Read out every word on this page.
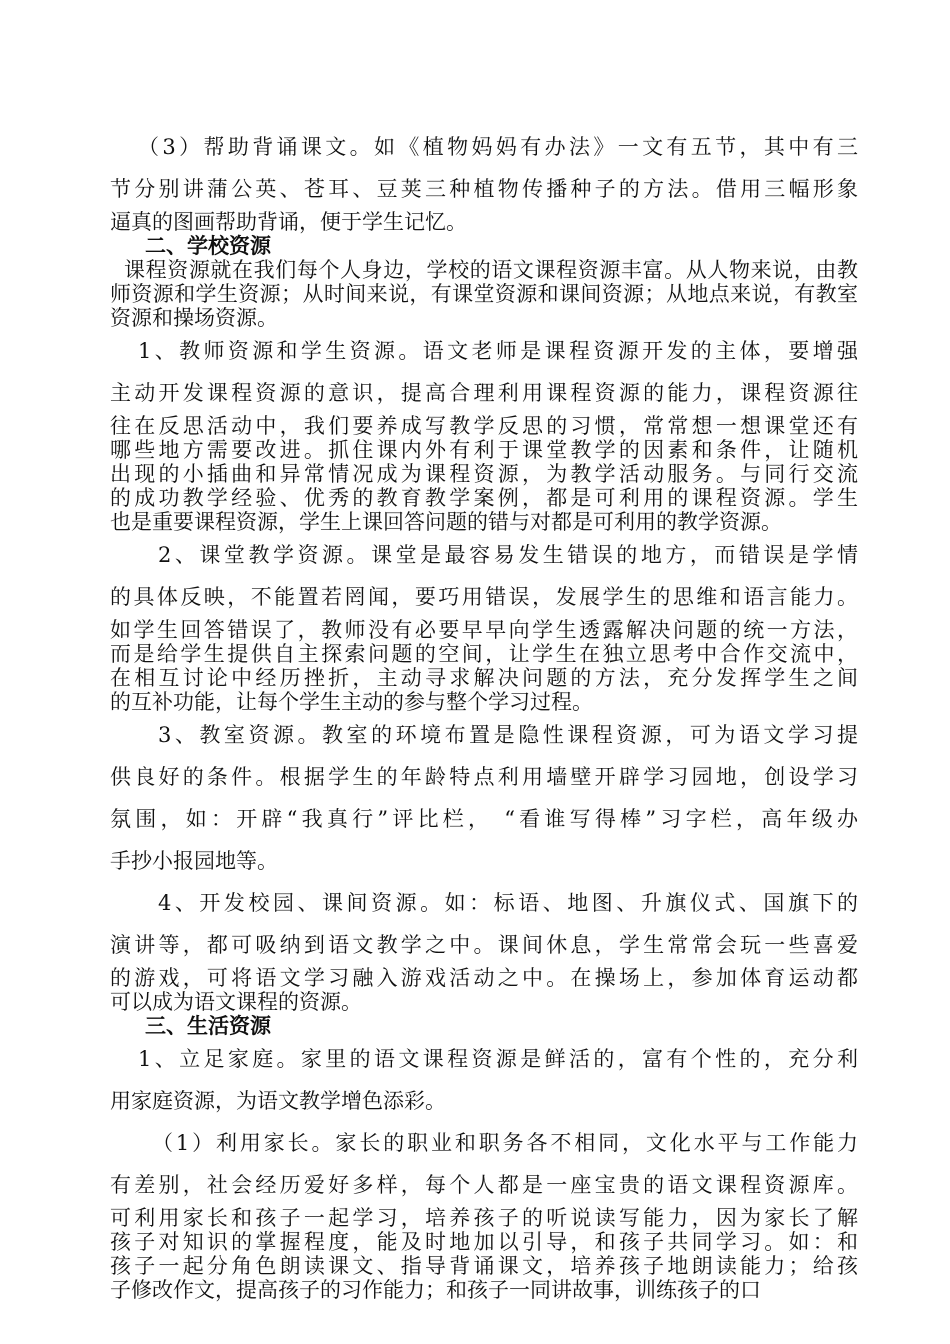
（3）帮助背诵课文。如《植物妈妈有办法》一文有五节，其中有三
节分别讲蒲公英、苍耳、豆荚三种植物传播种子的方法。借用三幅形象
逼真的图画帮助背诵，便于学生记忆。

二、学校资源

课程资源就在我们每个人身边，学校的语文课程资源丰富。从人物来说，由教师资源和学生资源；从时间来说，有课堂资源和课间资源；从地点来说，有教室资源和操场资源。

1、教师资源和学生资源。语文老师是课程资源开发的主体，要增强
主动开发课程资源的意识，提高合理利用课程资源的能力，课程资源往
往在反思活动中，我们要养成写教学反思的习惯，常常想一想课堂还有
哪些地方需要改进。抓住课内外有利于课堂教学的因素和条件，让随机
出现的小插曲和异常情况成为课程资源，为教学活动服务。与同行交流
的成功教学经验、优秀的教育教学案例，都是可利用的课程资源。学生
也是重要课程资源，学生上课回答问题的错与对都是可利用的教学资源。
2、课堂教学资源。课堂是最容易发生错误的地方，而错误是学情
的具体反映，不能置若罔闻，要巧用错误，发展学生的思维和语言能力。
如学生回答错误了，教师没有必要早早向学生透露解决问题的统一方法，
而是给学生提供自主探索问题的空间，让学生在独立思考中合作交流中，
在相互讨论中经历挫折，主动寻求解决问题的方法，充分发挥学生之间
的互补功能，让每个学生主动的参与整个学习过程。
3、教室资源。教室的环境布置是隐性课程资源，可为语文学习提
供良好的条件。根据学生的年龄特点利用墙壁开辟学习园地，创设学习
氛围，如：开辟“我真行”评比栏， “看谁写得棒”习字栏，高年级办
手抄小报园地等。
4、开发校园、课间资源。如：标语、地图、升旗仪式、国旗下的
演讲等，都可吸纳到语文教学之中。课间休息，学生常常会玩一些喜爱
的游戏，可将语文学习融入游戏活动之中。在操场上，参加体育运动都
可以成为语文课程的资源。

三、生活资源

1、立足家庭。家里的语文课程资源是鲜活的，富有个性的，充分利
用家庭资源，为语文教学增色添彩。
（1）利用家长。家长的职业和职务各不相同，文化水平与工作能力
有差别，社会经历爱好多样，每个人都是一座宝贵的语文课程资源库。
可利用家长和孩子一起学习，培养孩子的听说读写能力，因为家长了解
孩子对知识的掌握程度，能及时地加以引导，和孩子共同学习。如：和
孩子一起分角色朗读课文、指导背诵课文，培养孩子地朗读能力；给孩
子修改作文，提高孩子的习作能力；和孩子一同讲故事，训练孩子的口
